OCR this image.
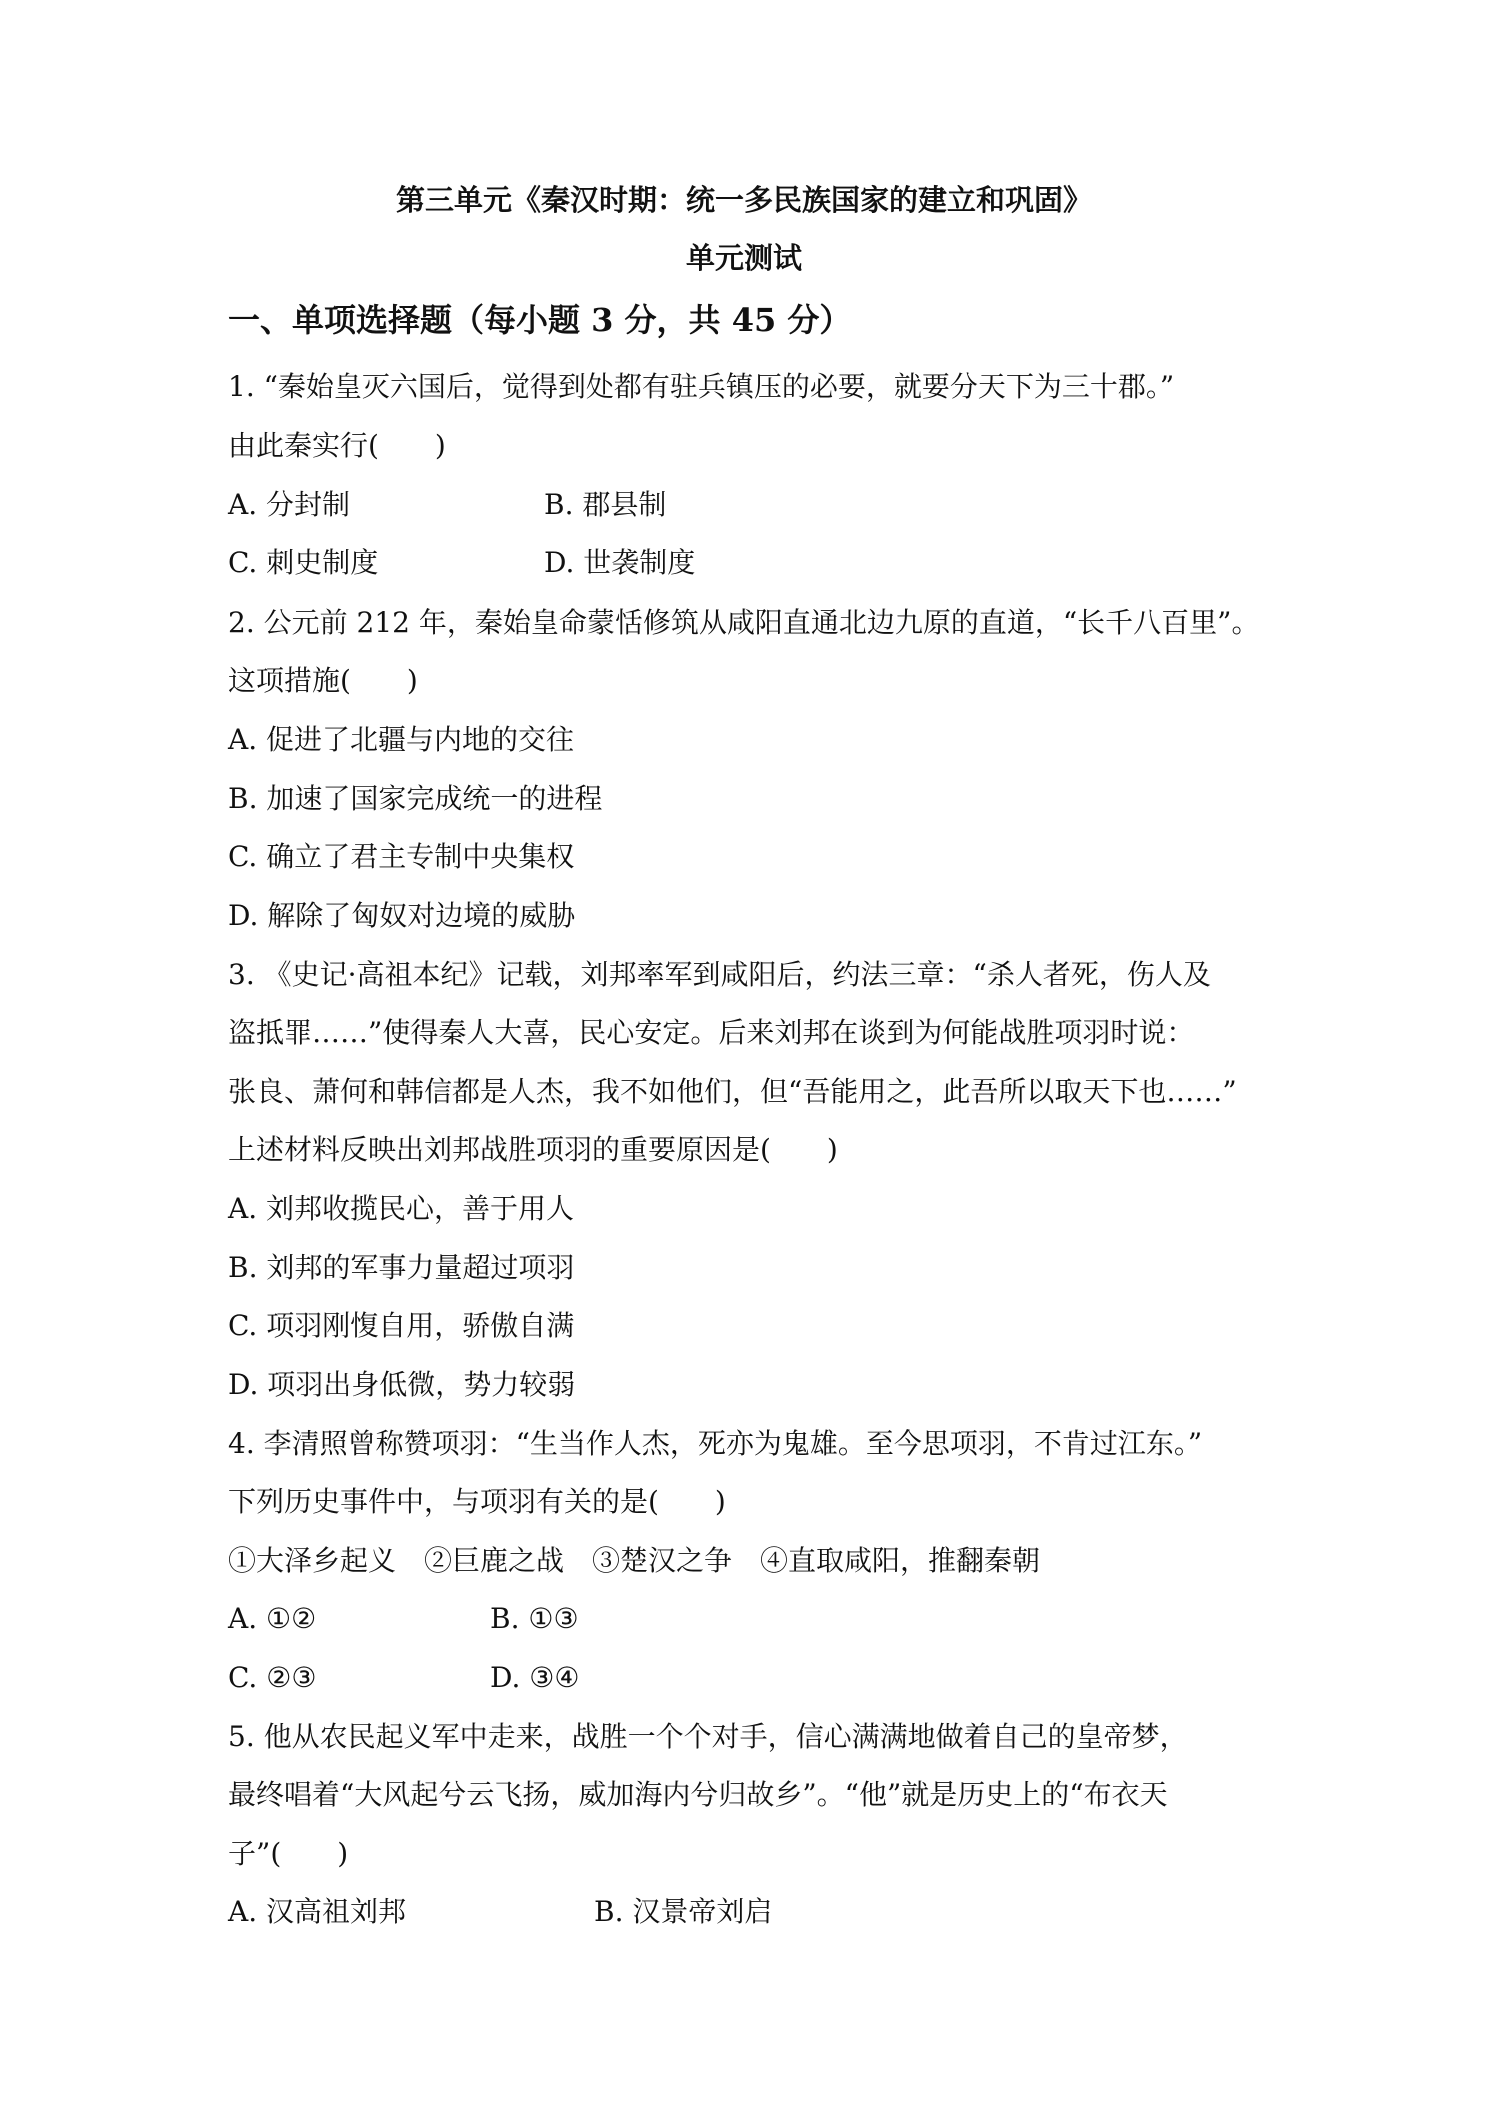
第三单元《秦汉时期：统一多民族国家的建立和巩固》
单元测试
一、单项选择题（每小题 3 分，共 45 分）
1. “秦始皇灭六国后，觉得到处都有驻兵镇压的必要，就要分天下为三十郡。”
由此秦实行(　　)
A. 分封制	B. 郡县制
C. 刺史制度	D. 世袭制度
2. 公元前 212 年，秦始皇命蒙恬修筑从咸阳直通北边九原的直道，“长千八百里”。
这项措施(　　)
A. 促进了北疆与内地的交往
B. 加速了国家完成统一的进程
C. 确立了君主专制中央集权
D. 解除了匈奴对边境的威胁
3. 《史记·高祖本纪》记载，刘邦率军到咸阳后，约法三章：“杀人者死，伤人及
盗抵罪……”使得秦人大喜，民心安定。后来刘邦在谈到为何能战胜项羽时说：
张良、萧何和韩信都是人杰，我不如他们，但“吾能用之，此吾所以取天下也……”
上述材料反映出刘邦战胜项羽的重要原因是(　　)
A. 刘邦收揽民心，善于用人
B. 刘邦的军事力量超过项羽
C. 项羽刚愎自用，骄傲自满
D. 项羽出身低微，势力较弱
4. 李清照曾称赞项羽：“生当作人杰，死亦为鬼雄。至今思项羽，不肯过江东。”
下列历史事件中，与项羽有关的是(　　)
①大泽乡起义　②巨鹿之战　③楚汉之争　④直取咸阳，推翻秦朝
A. ①②	B. ①③
C. ②③	D. ③④
5. 他从农民起义军中走来，战胜一个个对手，信心满满地做着自己的皇帝梦，
最终唱着“大风起兮云飞扬，威加海内兮归故乡”。“他”就是历史上的“布衣天
子”(　　)
A. 汉高祖刘邦	B. 汉景帝刘启
